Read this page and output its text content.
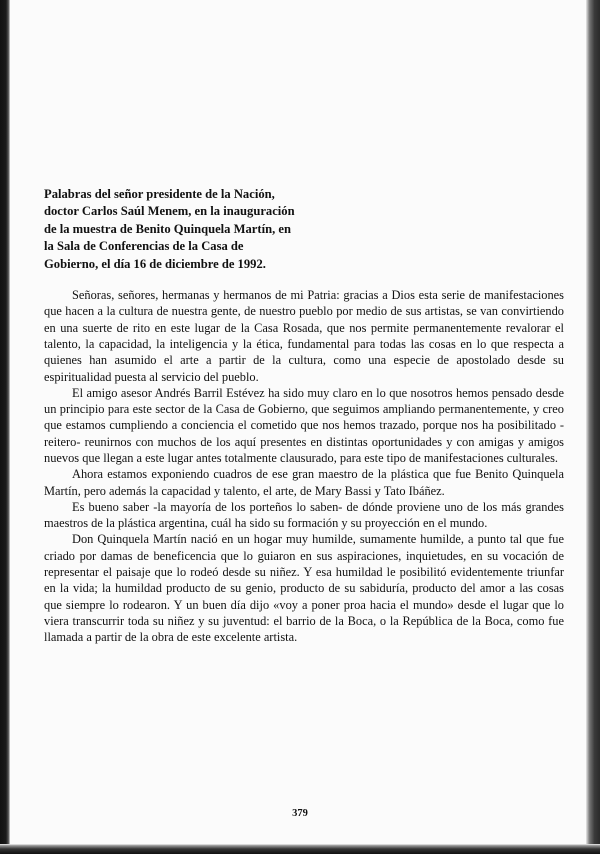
Palabras del señor presidente de la Nación,
doctor Carlos Saúl Menem, en la inauguración
de la muestra de Benito Quinquela Martín, en
la Sala de Conferencias de la Casa de
Gobierno, el día 16 de diciembre de 1992.

Señoras, señores, hermanas y hermanos de mi Patria: gracias a Dios esta serie de manifestaciones que hacen a la cultura de nuestra gente, de nuestro pueblo por medio de sus artistas, se van convirtiendo en una suerte de rito en este lugar de la Casa Rosada, que nos permite permanentemente revalorar el talento, la capacidad, la inteligencia y la ética, fundamental para todas las cosas en lo que respecta a quienes han asumido el arte a partir de la cultura, como una especie de apostolado desde su espiritualidad puesta al servicio del pueblo.

El amigo asesor Andrés Barril Estévez ha sido muy claro en lo que nosotros hemos pensado desde un principio para este sector de la Casa de Gobierno, que seguimos ampliando permanentemente, y creo que estamos cumpliendo a conciencia el cometido que nos hemos trazado, porque nos ha posibilitado -reitero- reunirnos con muchos de los aquí presentes en distintas oportunidades y con amigas y amigos nuevos que llegan a este lugar antes totalmente clausurado, para este tipo de manifestaciones culturales.

Ahora estamos exponiendo cuadros de ese gran maestro de la plástica que fue Benito Quinquela Martín, pero además la capacidad y talento, el arte, de Mary Bassi y Tato Ibáñez.

Es bueno saber -la mayoría de los porteños lo saben- de dónde proviene uno de los más grandes maestros de la plástica argentina, cuál ha sido su formación y su proyección en el mundo.

Don Quinquela Martín nació en un hogar muy humilde, sumamente humilde, a punto tal que fue criado por damas de beneficencia que lo guiaron en sus aspiraciones, inquietudes, en su vocación de representar el paisaje que lo rodeó desde su niñez. Y esa humildad le posibilitó evidentemente triunfar en la vida; la humildad producto de su genio, producto de su sabiduría, producto del amor a las cosas que siempre lo rodearon. Y un buen día dijo «voy a poner proa hacia el mundo» desde el lugar que lo viera transcurrir toda su niñez y su juventud: el barrio de la Boca, o la República de la Boca, como fue llamada a partir de la obra de este excelente artista.

379
